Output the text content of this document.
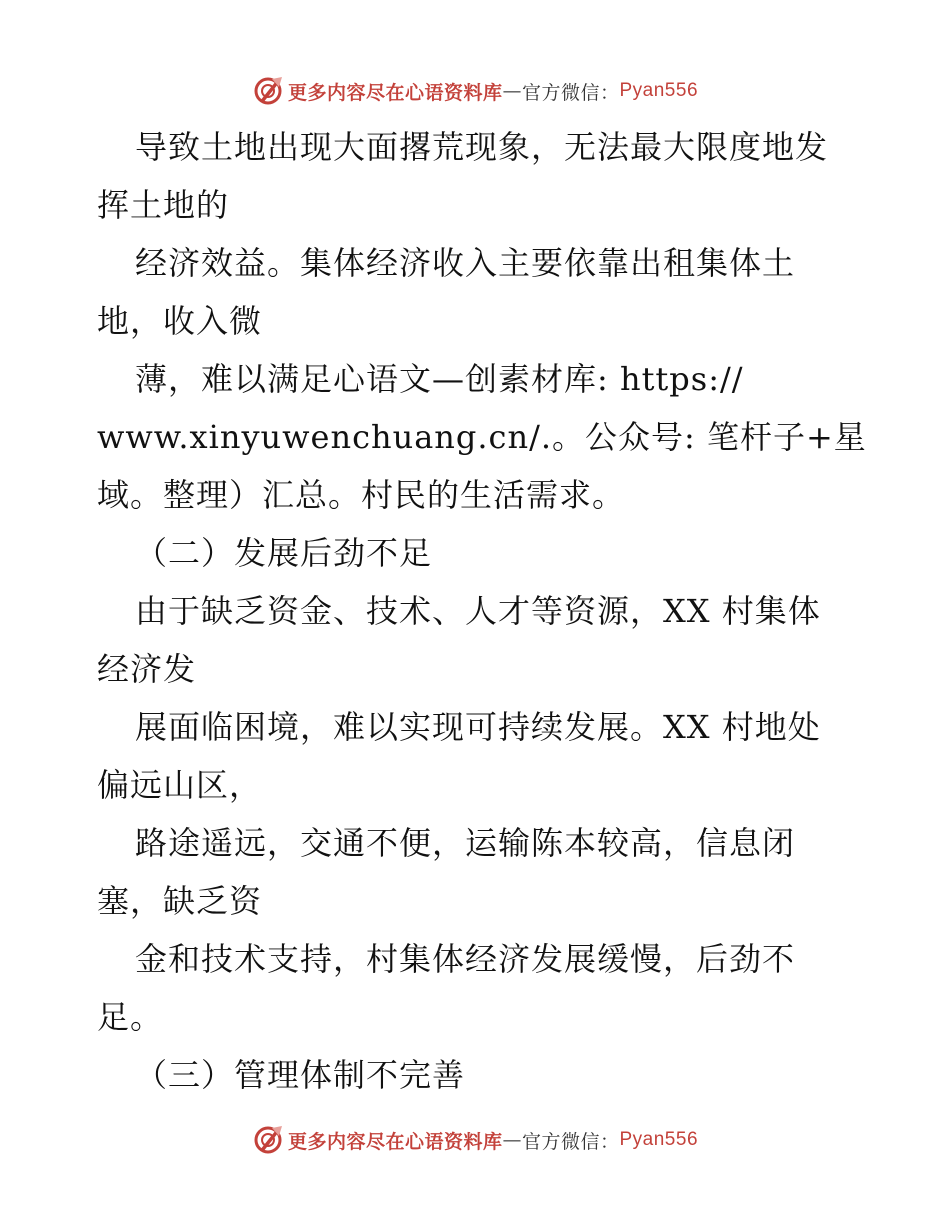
更多内容尽在心语资料库 — 官方微信： Pyan556
导致土地出现大面撂荒现象，无法最大限度地发
挥土地的
经济效益。集体经济收入主要依靠出租集体土
地，收入微
薄，难以满足心语文—创素材库: https://
www.xinyuwenchuang.cn/.。公众号: 笔杆子+星
域。整理）汇总。村民的生活需求。
（二）发展后劲不足
由于缺乏资金、技术、人才等资源，XX 村集体
经济发
展面临困境，难以实现可持续发展。XX 村地处
偏远山区，
路途遥远，交通不便，运输陈本较高，信息闭
塞，缺乏资
金和技术支持，村集体经济发展缓慢，后劲不
足。
（三）管理体制不完善
更多内容尽在心语资料库 — 官方微信： Pyan556
